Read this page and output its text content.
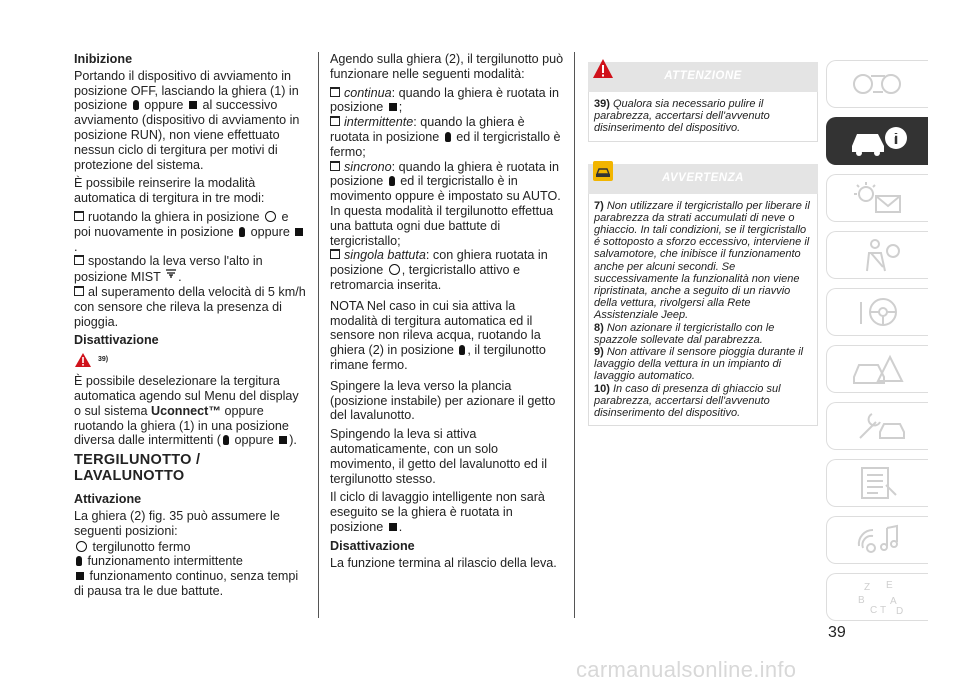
Inibizione

Portando il dispositivo di avviamento in posizione OFF, lasciando la ghiera (1) in posizione oppure al successivo avviamento (dispositivo di avviamento in posizione RUN), non viene effettuato nessun ciclo di tergitura per motivi di protezione del sistema.

È possibile reinserire la modalità automatica di tergitura in tre modi:

ruotando la ghiera in posizione e poi nuovamente in posizione oppure .

spostando la leva verso l'alto in posizione MIST .

al superamento della velocità di 5 km/h con sensore che rileva la presenza di pioggia.

Disattivazione
39)

È possibile deselezionare la tergitura automatica agendo sul Menu del display o sul sistema Uconnect™ oppure ruotando la ghiera (1) in una posizione diversa dalle intermittenti ( oppure ).

TERGILUNOTTO / LAVALUNOTTO
Attivazione

La ghiera (2) fig. 35 può assumere le seguenti posizioni:

tergilunotto fermo
funzionamento intermittente
funzionamento continuo, senza tempi di pausa tra le due battute.

Agendo sulla ghiera (2), il tergilunotto può funzionare nelle seguenti modalità:

continua: quando la ghiera è ruotata in posizione ;

intermittente: quando la ghiera è ruotata in posizione ed il tergicristallo è fermo;

sincrono: quando la ghiera è ruotata in posizione ed il tergicristallo è in movimento oppure è impostato su AUTO. In questa modalità il tergilunotto effettua una battuta ogni due battute di tergicristallo;

singola battuta: con ghiera ruotata in posizione , tergicristallo attivo e retromarcia inserita.

NOTA Nel caso in cui sia attiva la modalità di tergitura automatica ed il sensore non rileva acqua, ruotando la ghiera (2) in posizione , il tergilunotto rimane fermo.

Spingere la leva verso la plancia (posizione instabile) per azionare il getto del lavalunotto.

Spingendo la leva si attiva automaticamente, con un solo movimento, il getto del lavalunotto ed il tergilunotto stesso.

Il ciclo di lavaggio intelligente non sarà eseguito se la ghiera è ruotata in posizione .

Disattivazione

La funzione termina al rilascio della leva.

ATTENZIONE

39) Qualora sia necessario pulire il parabrezza, accertarsi dell'avvenuto disinserimento del dispositivo.

AVVERTENZA

7) Non utilizzare il tergicristallo per liberare il parabrezza da strati accumulati di neve o ghiaccio. In tali condizioni, se il tergicristallo é sottoposto a sforzo eccessivo, interviene il salvamotore, che inibisce il funzionamento anche per alcuni secondi. Se successivamente la funzionalità non viene ripristinata, anche a seguito di un riavvio della vettura, rivolgersi alla Rete Assistenziale Jeep.

8) Non azionare il tergicristallo con le spazzole sollevate dal parabrezza.

9) Non attivare il sensore pioggia durante il lavaggio della vettura in un impianto di lavaggio automatico.

10) In caso di presenza di ghiaccio sul parabrezza, accertarsi dell'avvenuto disinserimento del dispositivo.

Z E
B	A
C T D
39
carmanualsonline.info
